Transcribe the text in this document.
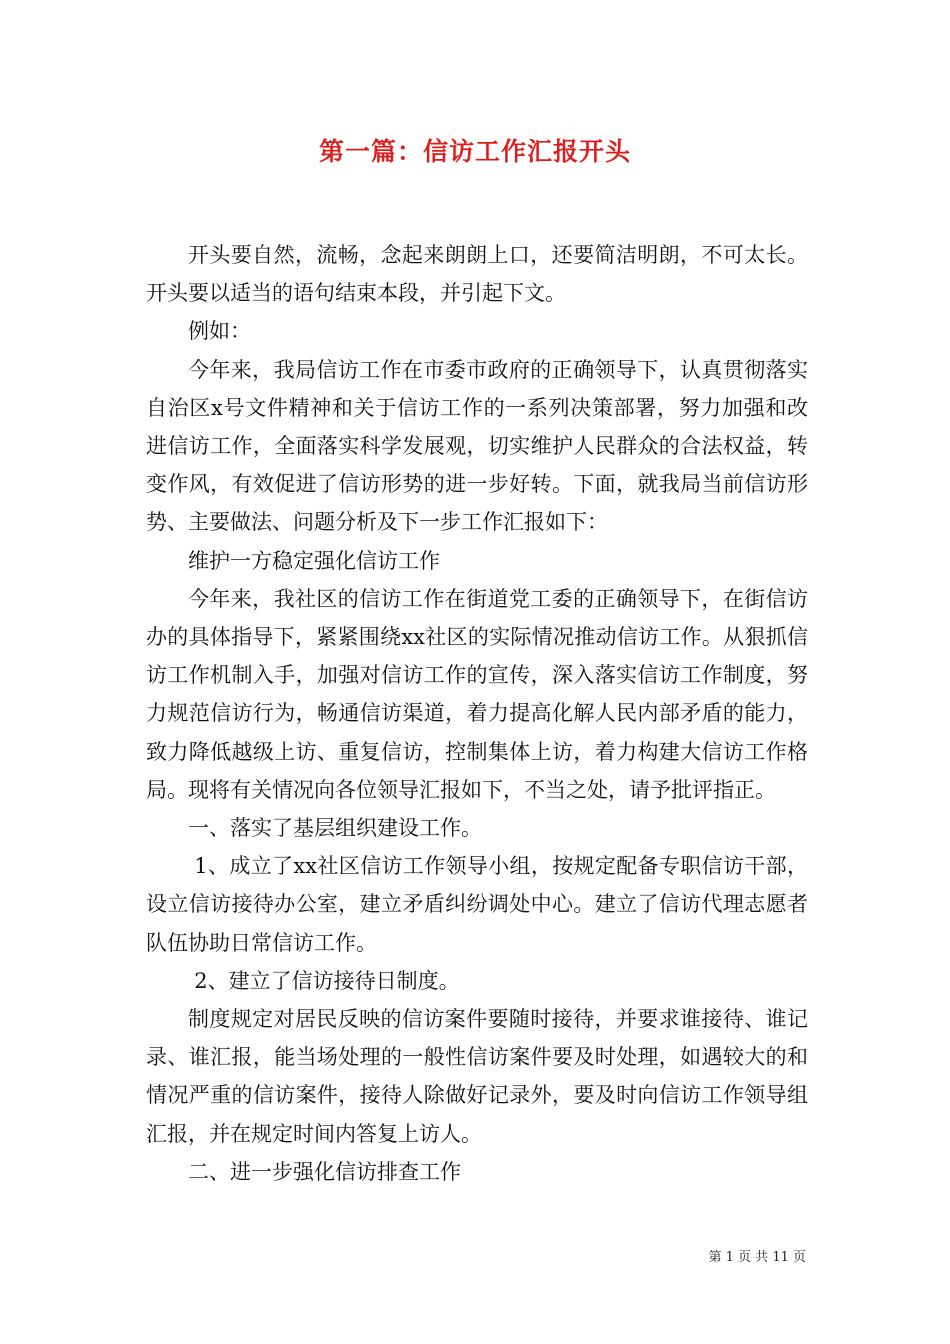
第一篇：信访工作汇报开头

开头要自然，流畅，念起来朗朗上口，还要简洁明朗，不可太长。开头要以适当的语句结束本段，并引起下文。

例如：

今年来，我局信访工作在市委市政府的正确领导下，认真贯彻落实自治区x号文件精神和关于信访工作的一系列决策部署，努力加强和改进信访工作，全面落实科学发展观，切实维护人民群众的合法权益，转变作风，有效促进了信访形势的进一步好转。下面，就我局当前信访形势、主要做法、问题分析及下一步工作汇报如下：

维护一方稳定强化信访工作

今年来，我社区的信访工作在街道党工委的正确领导下，在街信访办的具体指导下，紧紧围绕xx社区的实际情况推动信访工作。从狠抓信访工作机制入手，加强对信访工作的宣传，深入落实信访工作制度，努力规范信访行为，畅通信访渠道，着力提高化解人民内部矛盾的能力，致力降低越级上访、重复信访，控制集体上访，着力构建大信访工作格局。现将有关情况向各位领导汇报如下，不当之处，请予批评指正。

一、落实了基层组织建设工作。

1、成立了xx社区信访工作领导小组，按规定配备专职信访干部，设立信访接待办公室，建立矛盾纠纷调处中心。建立了信访代理志愿者队伍协助日常信访工作。

2、建立了信访接待日制度。

制度规定对居民反映的信访案件要随时接待，并要求谁接待、谁记录、谁汇报，能当场处理的一般性信访案件要及时处理，如遇较大的和情况严重的信访案件，接待人除做好记录外，要及时向信访工作领导组汇报，并在规定时间内答复上访人。

二、进一步强化信访排查工作

第 1 页 共 11 页
